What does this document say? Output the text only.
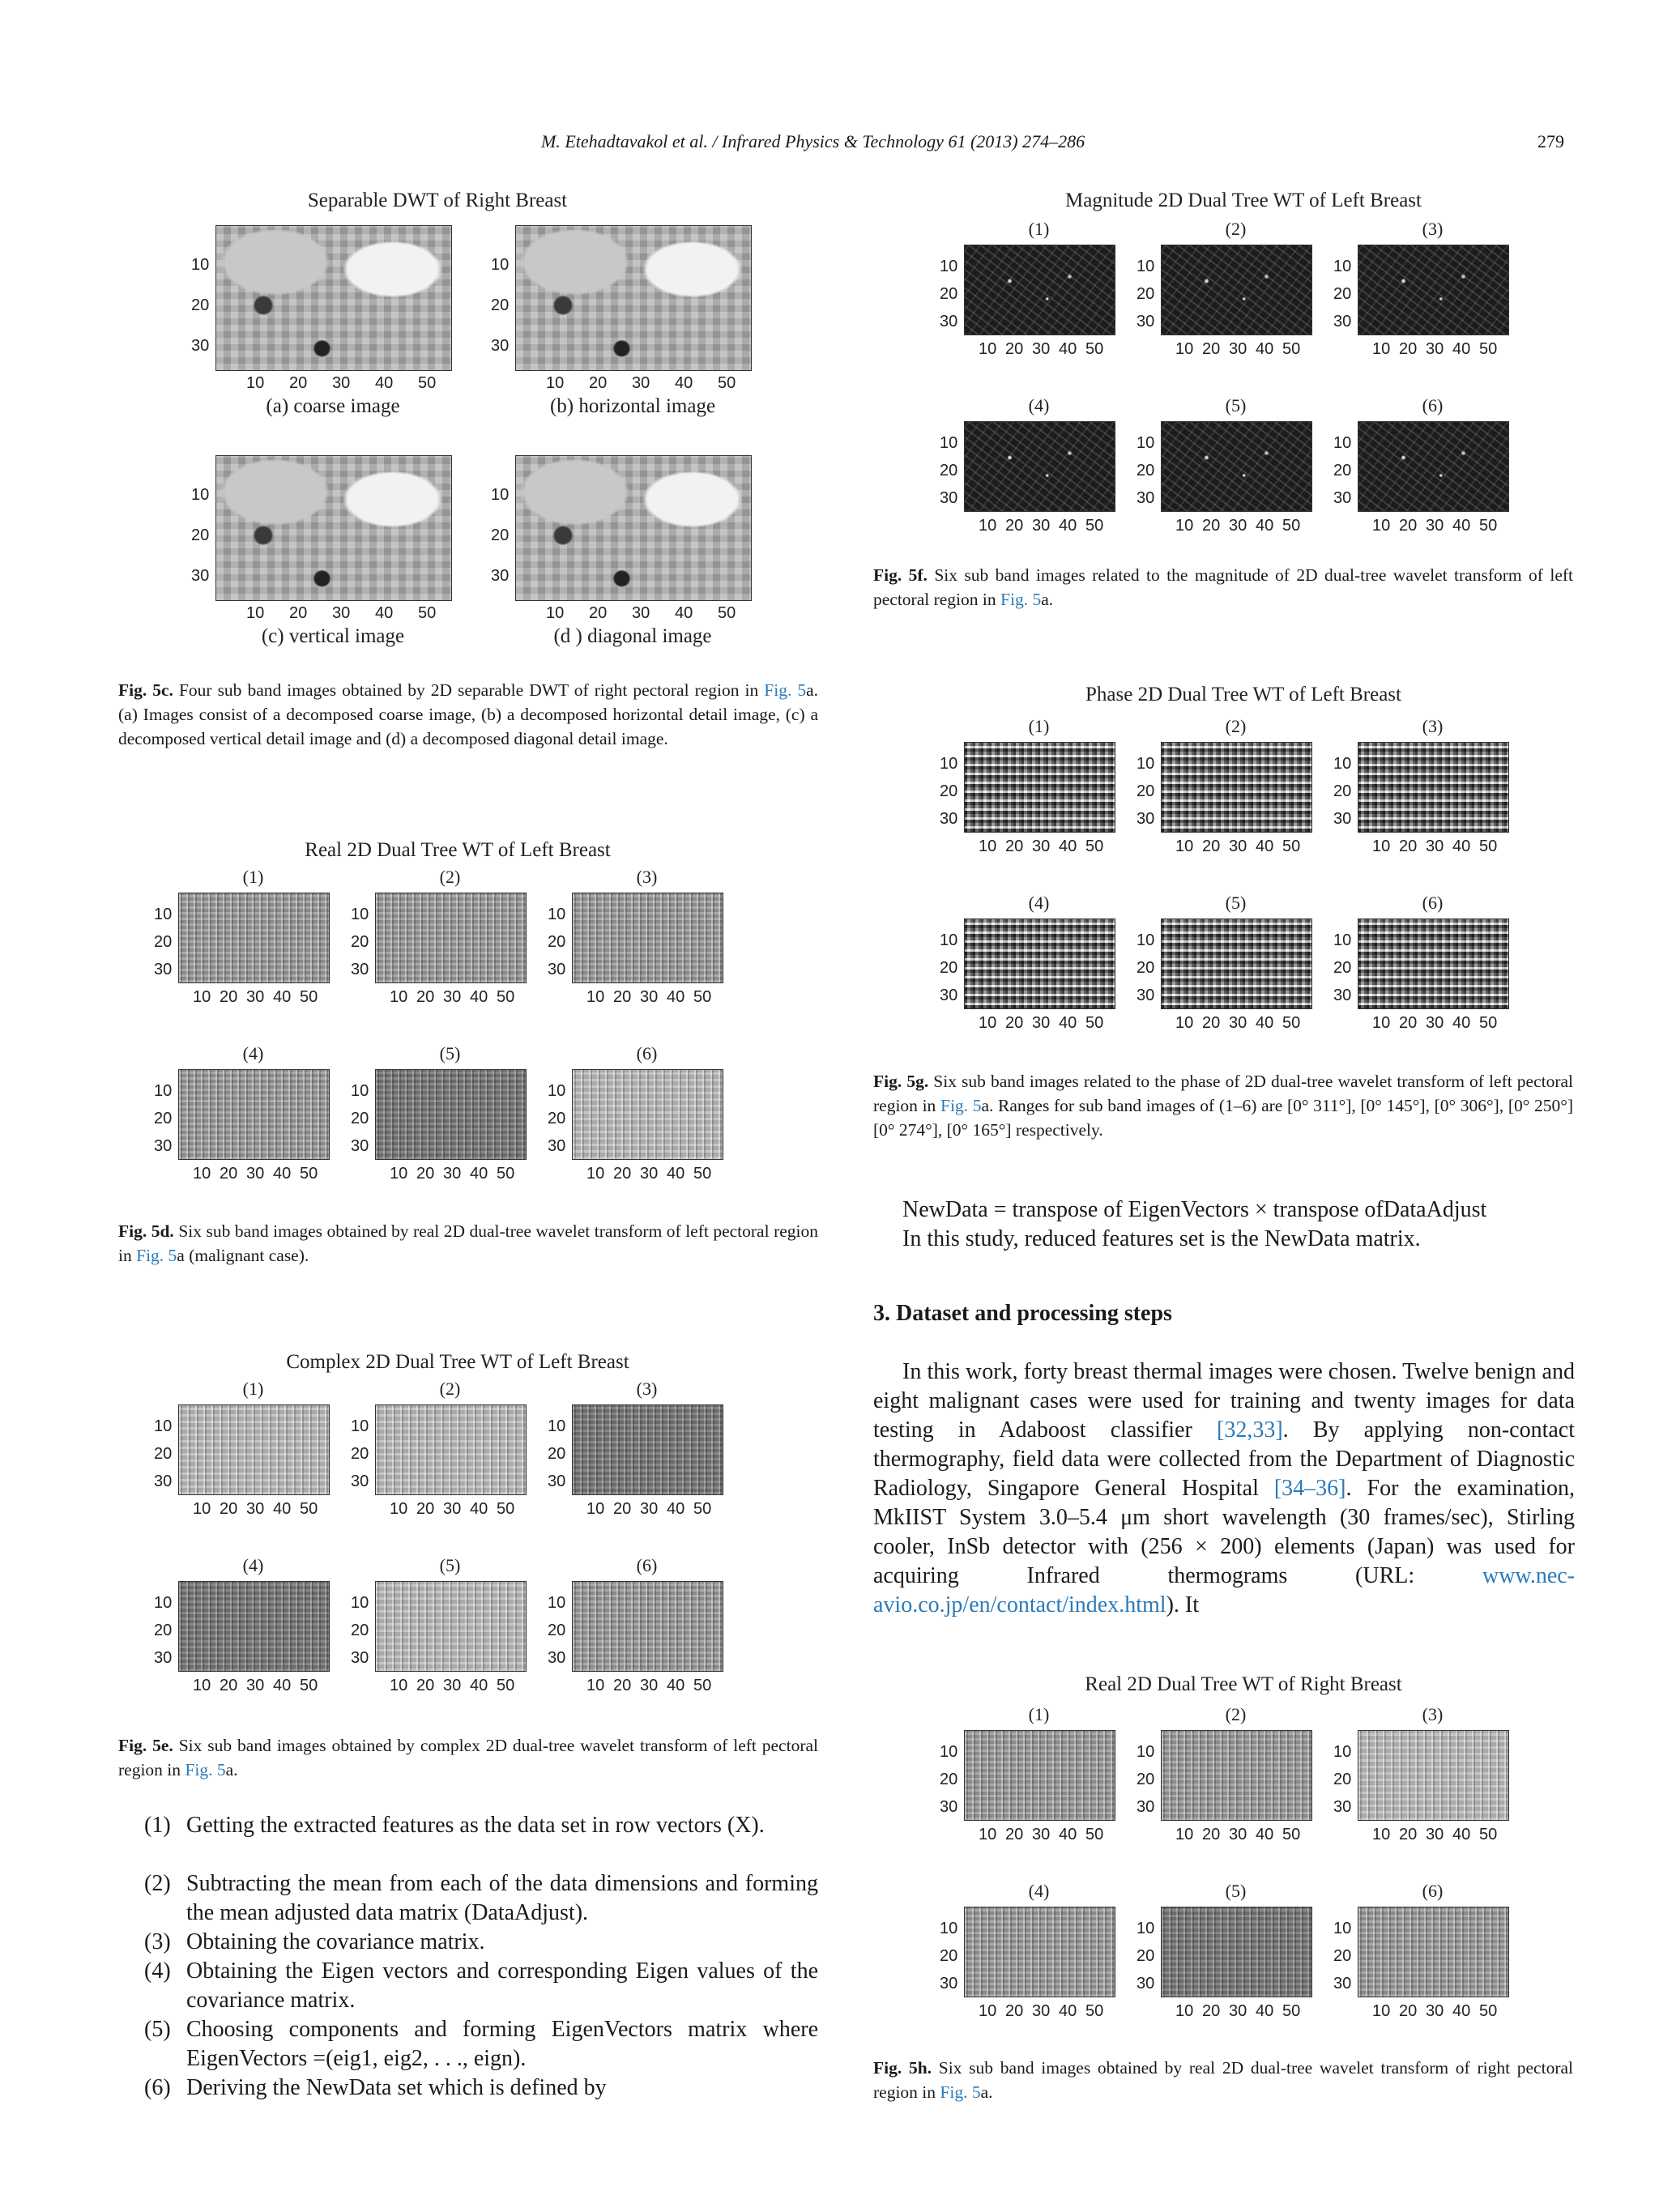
M. Etehadtavakol et al. / Infrared Physics & Technology 61 (2013) 274–286	279
Separable DWT of Right Breast
(a) coarse image	(b) horizontal image
(c) vertical image	(d ) diagonal image
10
20
30
10 20 30 40 50
10
20
30
10 20 30 40 50
10
20
30
10 20 30 40 50
10
20
30
10 20 30 40 50
Fig. 5c. Four sub band images obtained by 2D separable DWT of right pectoral region in Fig. 5a. (a) Images consist of a decomposed coarse image, (b) a decomposed horizontal detail image, (c) a decomposed vertical detail image and (d) a decomposed diagonal detail image.
Real 2D Dual Tree WT of Left Breast
(1)
10
20
30
10 20 30 40 50
(2)
10
20
30
10 20 30 40 50
(3)
10
20
30
10 20 30 40 50
(4)
10
20
30
10 20 30 40 50
(5)
10
20
30
10 20 30 40 50
(6)
10
20
30
10 20 30 40 50
Fig. 5d. Six sub band images obtained by real 2D dual-tree wavelet transform of left pectoral region in Fig. 5a (malignant case).
Complex 2D Dual Tree WT of Left Breast
(1)
10
20
30
10 20 30 40 50
(2)
10
20
30
10 20 30 40 50
(3)
10
20
30
10 20 30 40 50
(4)
10
20
30
10 20 30 40 50
(5)
10
20
30
10 20 30 40 50
(6)
10
20
30
10 20 30 40 50
Fig. 5e. Six sub band images obtained by complex 2D dual-tree wavelet transform of left pectoral region in Fig. 5a.
(1) Getting the extracted features as the data set in row vectors (X).
(2) Subtracting the mean from each of the data dimensions and forming the mean adjusted data matrix (DataAdjust).
(3) Obtaining the covariance matrix.
(4) Obtaining the Eigen vectors and corresponding Eigen values of the covariance matrix.
(5) Choosing components and forming EigenVectors matrix where EigenVectors =(eig1, eig2, . . ., eign).
(6) Deriving the NewData set which is defined by
Magnitude 2D Dual Tree WT of Left Breast
(1)
10
20
30
10 20 30 40 50
(2)
10
20
30
10 20 30 40 50
(3)
10
20
30
10 20 30 40 50
(4)
10
20
30
10 20 30 40 50
(5)
10
20
30
10 20 30 40 50
(6)
10
20
30
10 20 30 40 50
Fig. 5f. Six sub band images related to the magnitude of 2D dual-tree wavelet transform of left pectoral region in Fig. 5a.
Phase 2D Dual Tree WT of Left Breast
(1)
10
20
30
10 20 30 40 50
(2)
10
20
30
10 20 30 40 50
(3)
10
20
30
10 20 30 40 50
(4)
10
20
30
10 20 30 40 50
(5)
10
20
30
10 20 30 40 50
(6)
10
20
30
10 20 30 40 50
Fig. 5g. Six sub band images related to the phase of 2D dual-tree wavelet transform of left pectoral region in Fig. 5a. Ranges for sub band images of (1–6) are [0° 311°], [0° 145°], [0° 306°], [0° 250°] [0° 274°], [0° 165°] respectively.
NewData = transpose of EigenVectors × transpose ofDataAdjust
In this study, reduced features set is the NewData matrix.
3. Dataset and processing steps
In this work, forty breast thermal images were chosen. Twelve benign and eight malignant cases were used for training and twenty images for data testing in Adaboost classifier [32,33]. By applying non-contact thermography, field data were collected from the Department of Diagnostic Radiology, Singapore General Hospital [34–36]. For the examination, MkIIST System 3.0–5.4 μm short wavelength (30 frames/sec), Stirling cooler, InSb detector with (256 × 200) elements (Japan) was used for acquiring Infrared thermograms (URL:	www.nec-avio.co.jp/en/contact/index.html). It
Real 2D Dual Tree WT of Right Breast
(1)
10
20
30
10 20 30 40 50
(2)
10
20
30
10 20 30 40 50
(3)
10
20
30
10 20 30 40 50
(4)
10
20
30
10 20 30 40 50
(5)
10
20
30
10 20 30 40 50
(6)
10
20
30
10 20 30 40 50
Fig. 5h. Six sub band images obtained by real 2D dual-tree wavelet transform of right pectoral region in Fig. 5a.
